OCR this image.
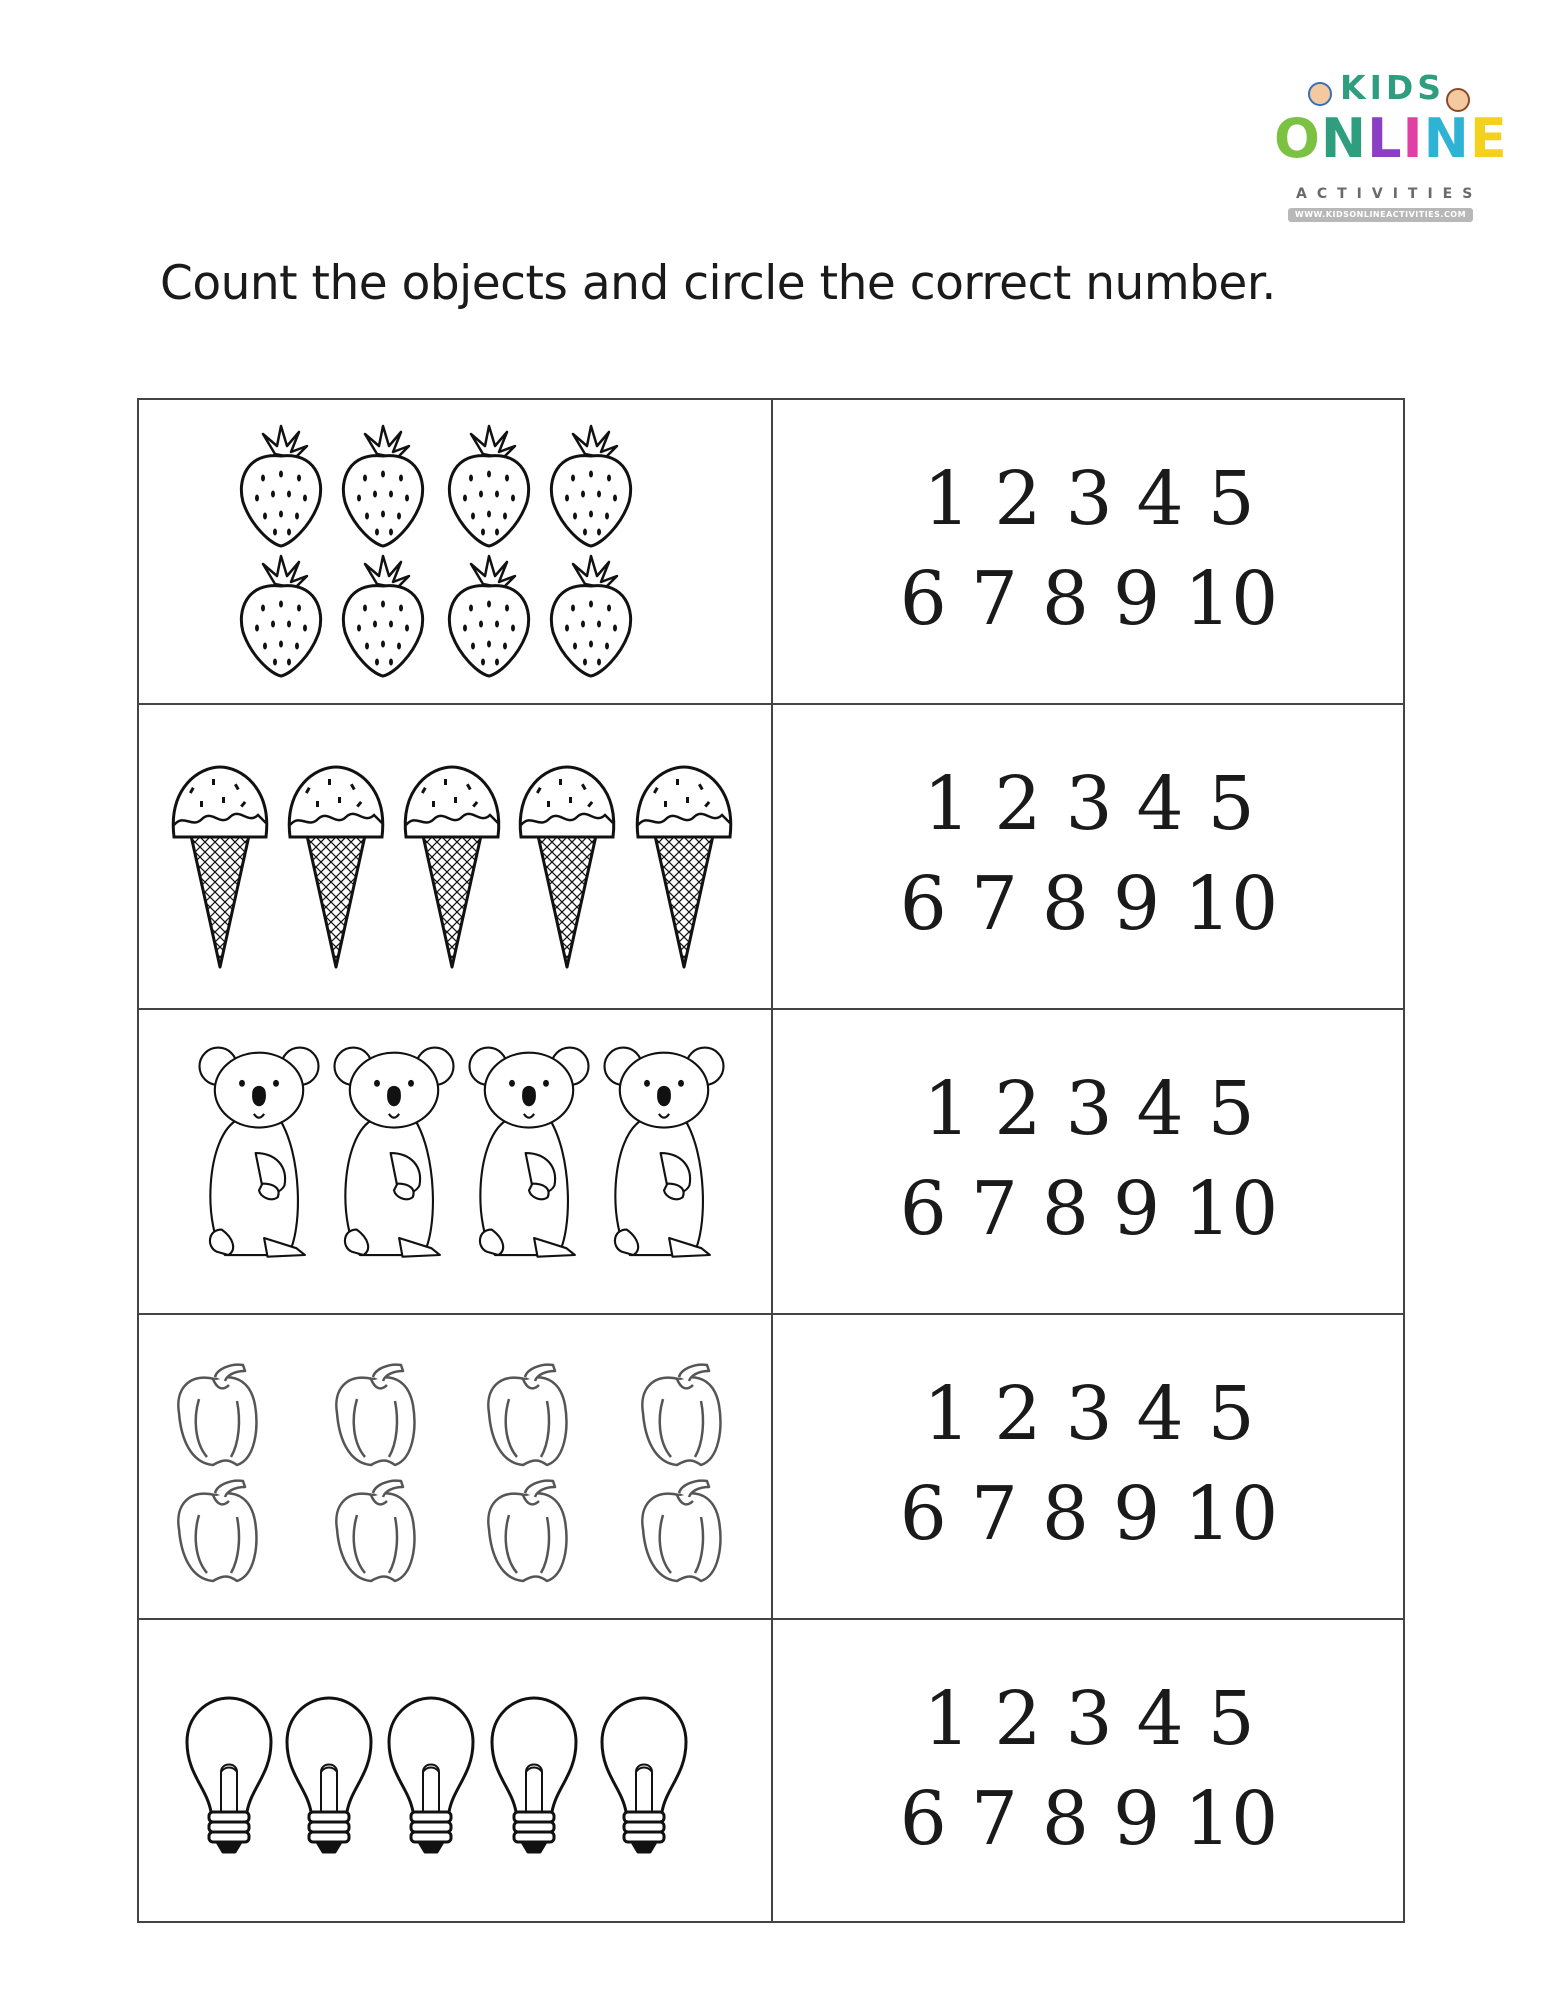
KIDS
ONLINE
ACTIVITIES
WWW.KIDSONLINEACTIVITIES.COM
Count the objects and circle the correct number.
1 2 3 4 5
6 7 8 9 10
1 2 3 4 5
6 7 8 9 10
1 2 3 4 5
6 7 8 9 10
1 2 3 4 5
6 7 8 9 10
1 2 3 4 5
6 7 8 9 10
